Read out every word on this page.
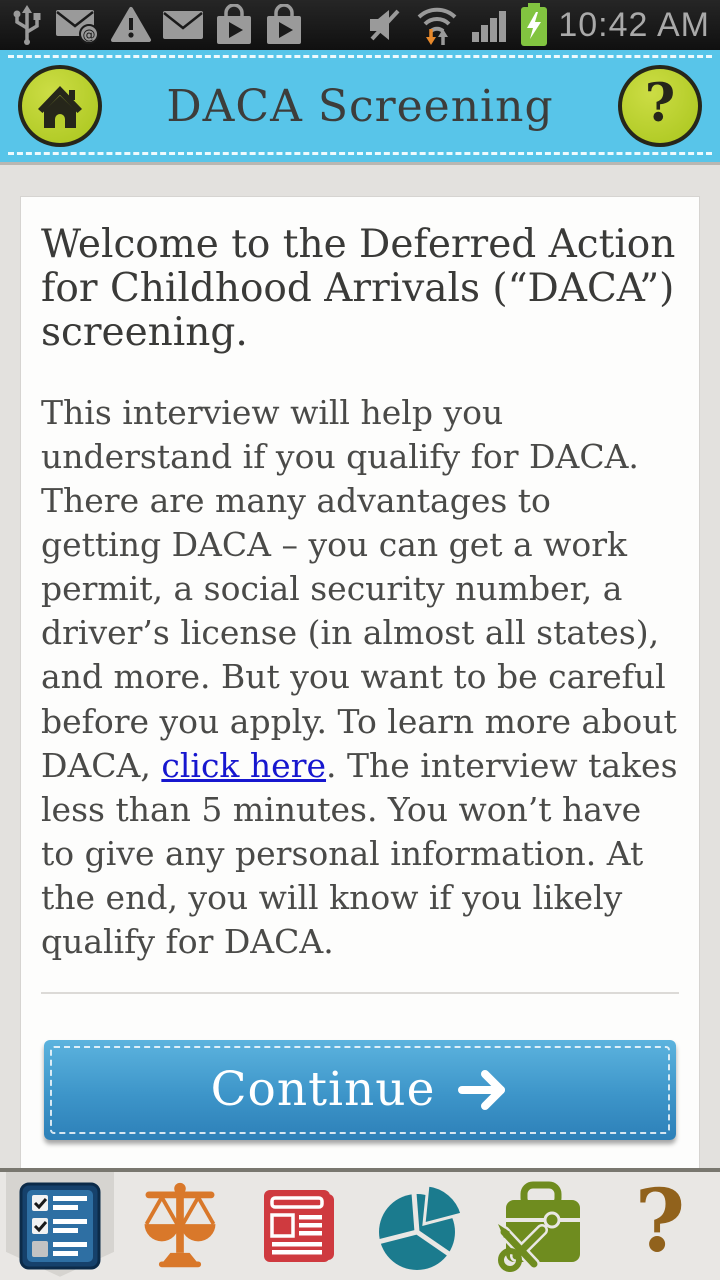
@	10:42 AM
DACA Screening	?
Welcome to the Deferred Action for Childhood Arrivals (“DACA”) screening.

This interview will help you understand if you qualify for DACA. There are many advantages to getting DACA – you can get a work permit, a social security number, a driver’s license (in almost all states), and more. But you want to be careful before you apply. To learn more about DACA, click here. The interview takes less than 5 minutes. You won’t have to give any personal information. At the end, you will know if you likely qualify for DACA.

Continue
?
